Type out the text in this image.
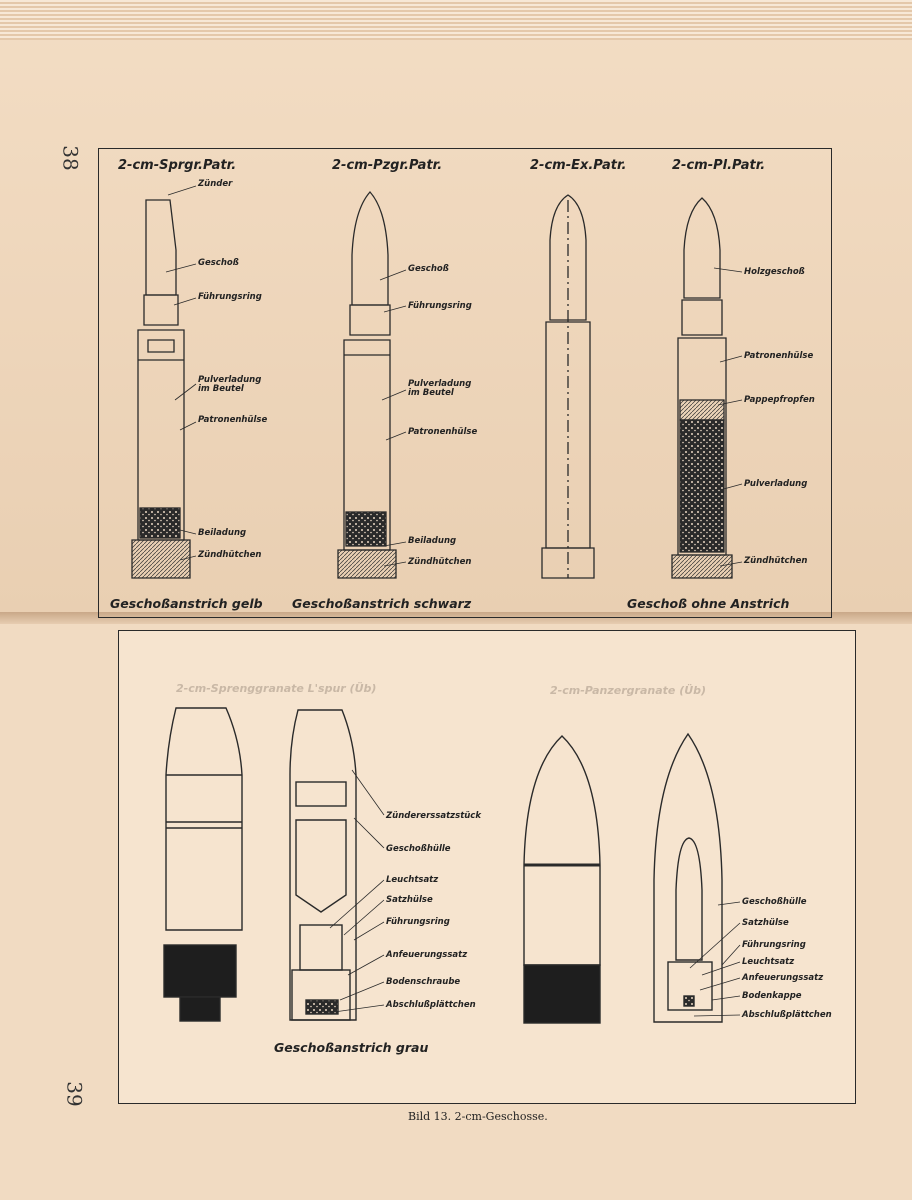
38
39
2-cm-Sprgr.Patr.	2-cm-Pzgr.Patr.	2-cm-Ex.Patr.	2-cm-Pl.Patr.
Zünder
Geschoß
Führungsring
Pulverladung
im Beutel
Patronenhülse
Beiladung
Zündhütchen
Geschoß
Führungsring
Pulverladung
im Beutel
Patronenhülse
Beiladung
Zündhütchen
Holzgeschoß
Patronenhülse
Pappepfropfen
Pulverladung
Zündhütchen
Geschoßanstrich gelb Geschoßanstrich schwarz	Geschoß ohne Anstrich
2-cm-Sprenggranate L'spur (Üb)	2-cm-Panzergranate (Üb)
Zündererssatzstück
Geschoßhülle
Leuchtsatz
Satzhülse
Führungsring
Anfeuerungssatz
Bodenschraube
Abschlußplättchen
Geschoßanstrich grau
Geschoßhülle
Satzhülse
Führungsring
Leuchtsatz
Anfeuerungssatz
Bodenkappe
Abschlußplättchen
Bild 13. 2-cm-Geschosse.
